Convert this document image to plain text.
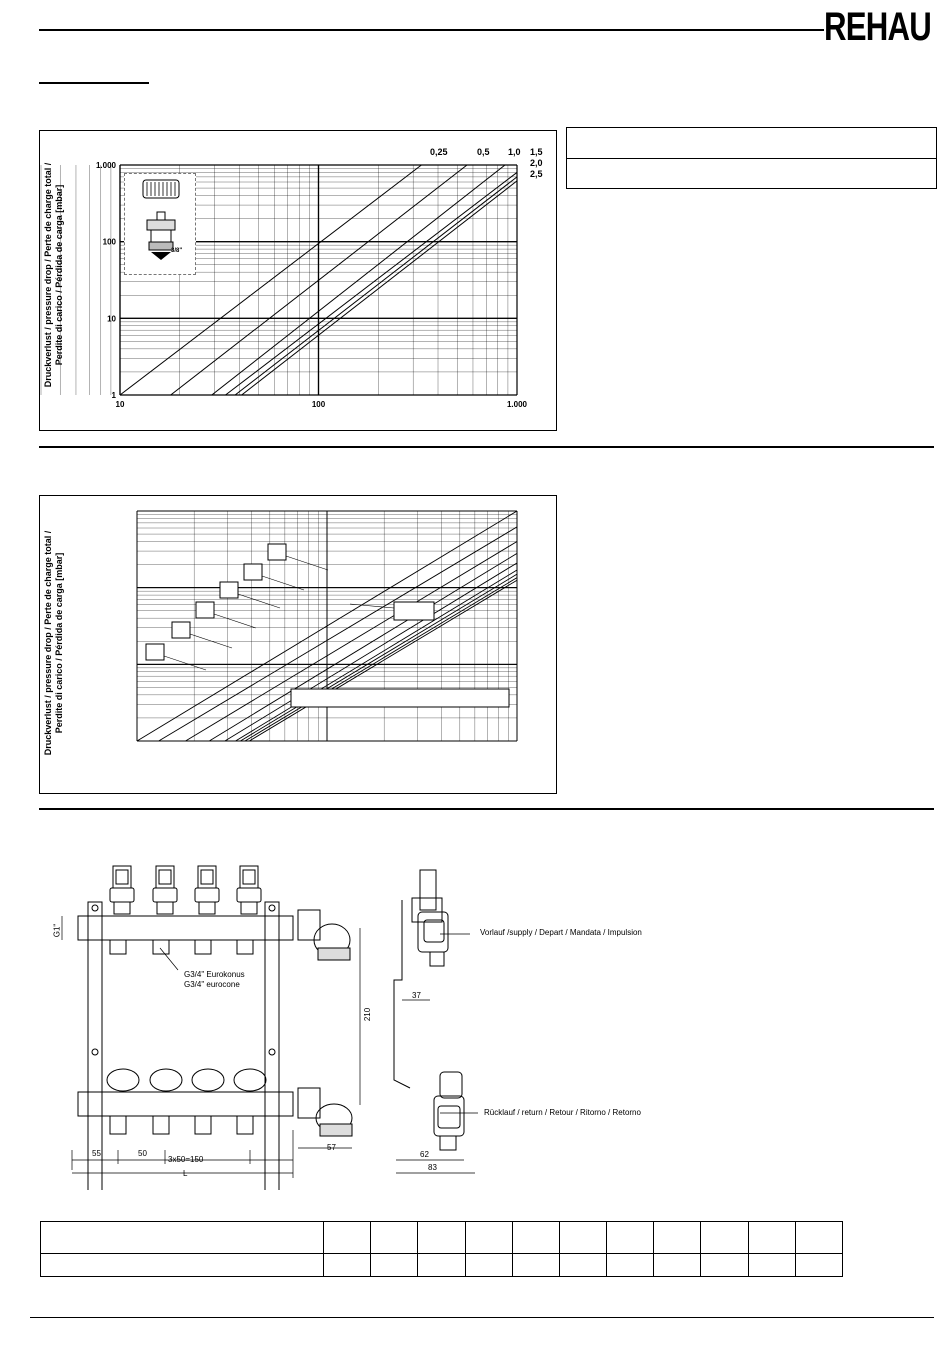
REHAU

10	100	1.000
1.000
100
10
1
0,25	0,5 1,0 1,5
2,0
2,5
3/8"
Druckverlust / pressure drop / Perte de charge total / Perdite di carico / Pérdida de carga [mbar]
Druckverlust / pressure drop / Perte de charge total / Perdite di carico / Pérdida de carga [mbar]
G1"
G3/4" Eurokonus
G3/4" eurocone
210
55	50
3x50=150
L
57
37
62
83
Vorlauf /supply / Depart / Mandata / Impulsion
Rücklauf / return / Retour / Ritorno / Retorno
